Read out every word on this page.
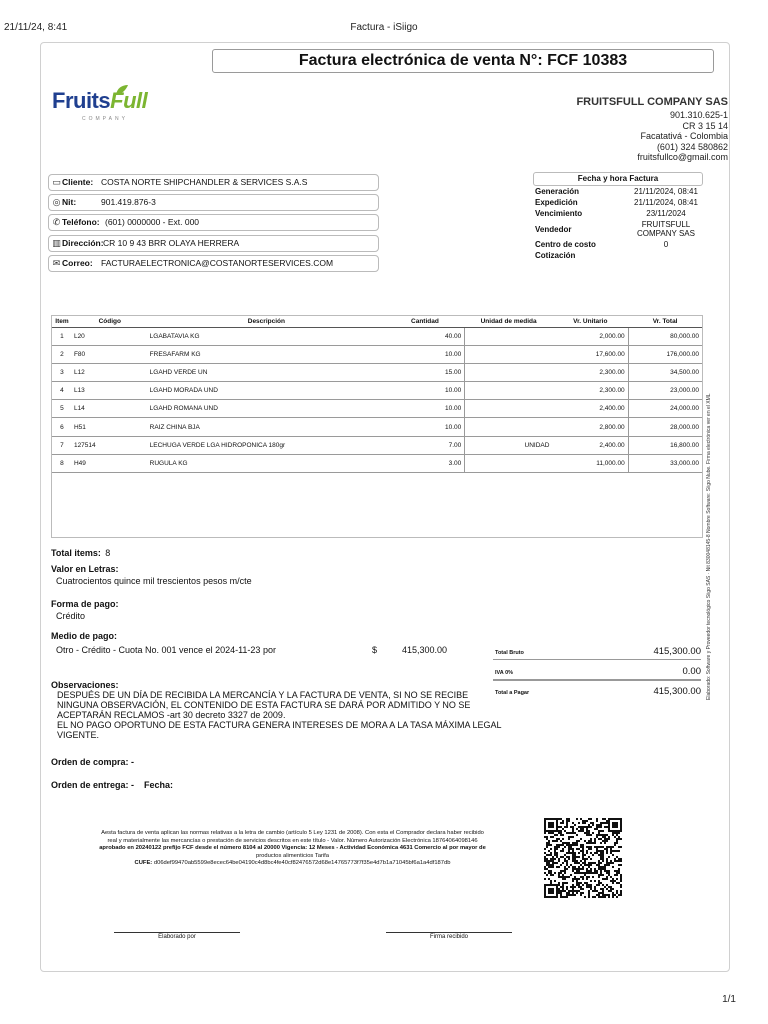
21/11/24, 8:41	Factura - iSiigo
1/1
Factura electrónica de venta N°: FCF 10383
FruitsFull
COMPANY
FRUITSFULL COMPANY SAS
901.310.625-1
CR 3 15 14
Facatativá - Colombia
(601) 324 580862
fruitsfullco@gmail.com
▭Cliente: COSTA NORTE SHIPCHANDLER & SERVICES S.A.S
◎ Nit:	901.419.876-3
✆ Teléfono: (601) 0000000 - Ext. 000
▥Dirección: CR 10 9 43 BRR OLAYA HERRERA
✉ Correo: FACTURAELECTRONICA@COSTANORTESERVICES.COM
Fecha y hora Factura
Generación	21/11/2024, 08:41
Expedición	21/11/2024, 08:41
Vencimiento	23/11/2024
Vendedor	FRUITSFULL COMPANY SAS
Centro de costo	0
Cotización
Item	Código	Descripción	Cantidad	Unidad de medida	Vr. Unitario	Vr. Total
1	L20	LGABATAVIA KG	40.00		2,000.00	80,000.00
2	F80	FRESAFARM KG	10.00		17,600.00	176,000.00
3	L12	LGAHD VERDE UN	15.00		2,300.00	34,500.00
4	L13	LGAHD MORADA UND	10.00		2,300.00	23,000.00
5	L14	LGAHD ROMANA UND	10.00		2,400.00	24,000.00
6	H51	RAIZ CHINA BJA	10.00		2,800.00	28,000.00
7	127514	LECHUGA VERDE LGA HIDROPONICA 180gr	7.00	UNIDAD	2,400.00	16,800.00
8	H49	RUGULA KG	3.00		11,000.00	33,000.00
Total items: 8
Valor en Letras:
Cuatrocientos quince mil trescientos pesos m/cte
Forma de pago:
Crédito
Medio de pago:
Otro - Crédito - Cuota No. 001 vence el 2024-11-23 por	$	415,300.00
Observaciones:
DESPUÉS DE UN DÍA DE RECIBIDA LA MERCANCÍA Y LA FACTURA DE VENTA, SI NO SE RECIBE
NINGUNA OBSERVACIÓN, EL CONTENIDO DE ESTA FACTURA SE DARÁ POR ADMITIDO Y NO SE
ACEPTARÁN RECLAMOS -art 30 decreto 3327 de 2009.
EL NO PAGO OPORTUNO DE ESTA FACTURA GENERA INTERESES DE MORA A LA TASA MÁXIMA LEGAL
VIGENTE.
Orden de compra: -
Orden de entrega: - Fecha:
Total Bruto	415,300.00
IVA 0%	0.00
Total a Pagar	415,300.00
Aesta factura de venta aplican las normas relativas a la letra de cambio (artículo 5 Ley 1231 de 2008). Con esta el Comprador declara haber recibido
real y materialmente las mercancías o prestación de servicios descritos en este título - Valor. Número Autorización Electrónica 18764064098146
aprobado en 20240122 prefijo FCF desde el número 8104 al 20000 Vigencia: 12 Meses - Actividad Económica 4631 Comercio al por mayor de
productos alimenticios Tarifa
CUFE: d06def99470ab5599e8ecec64be04190c4d8bc4fe40cf82476572d68e14765773f7f35e4d7b1a71045bf6a1a4df187db
Elaborado por	Firma recibido
Elaborado: Software y Proveedor tecnológico Siigo SAS · Nit 830048145-8 Nombre Software: Siigo Nube. Firma electrónica ver en el XML
